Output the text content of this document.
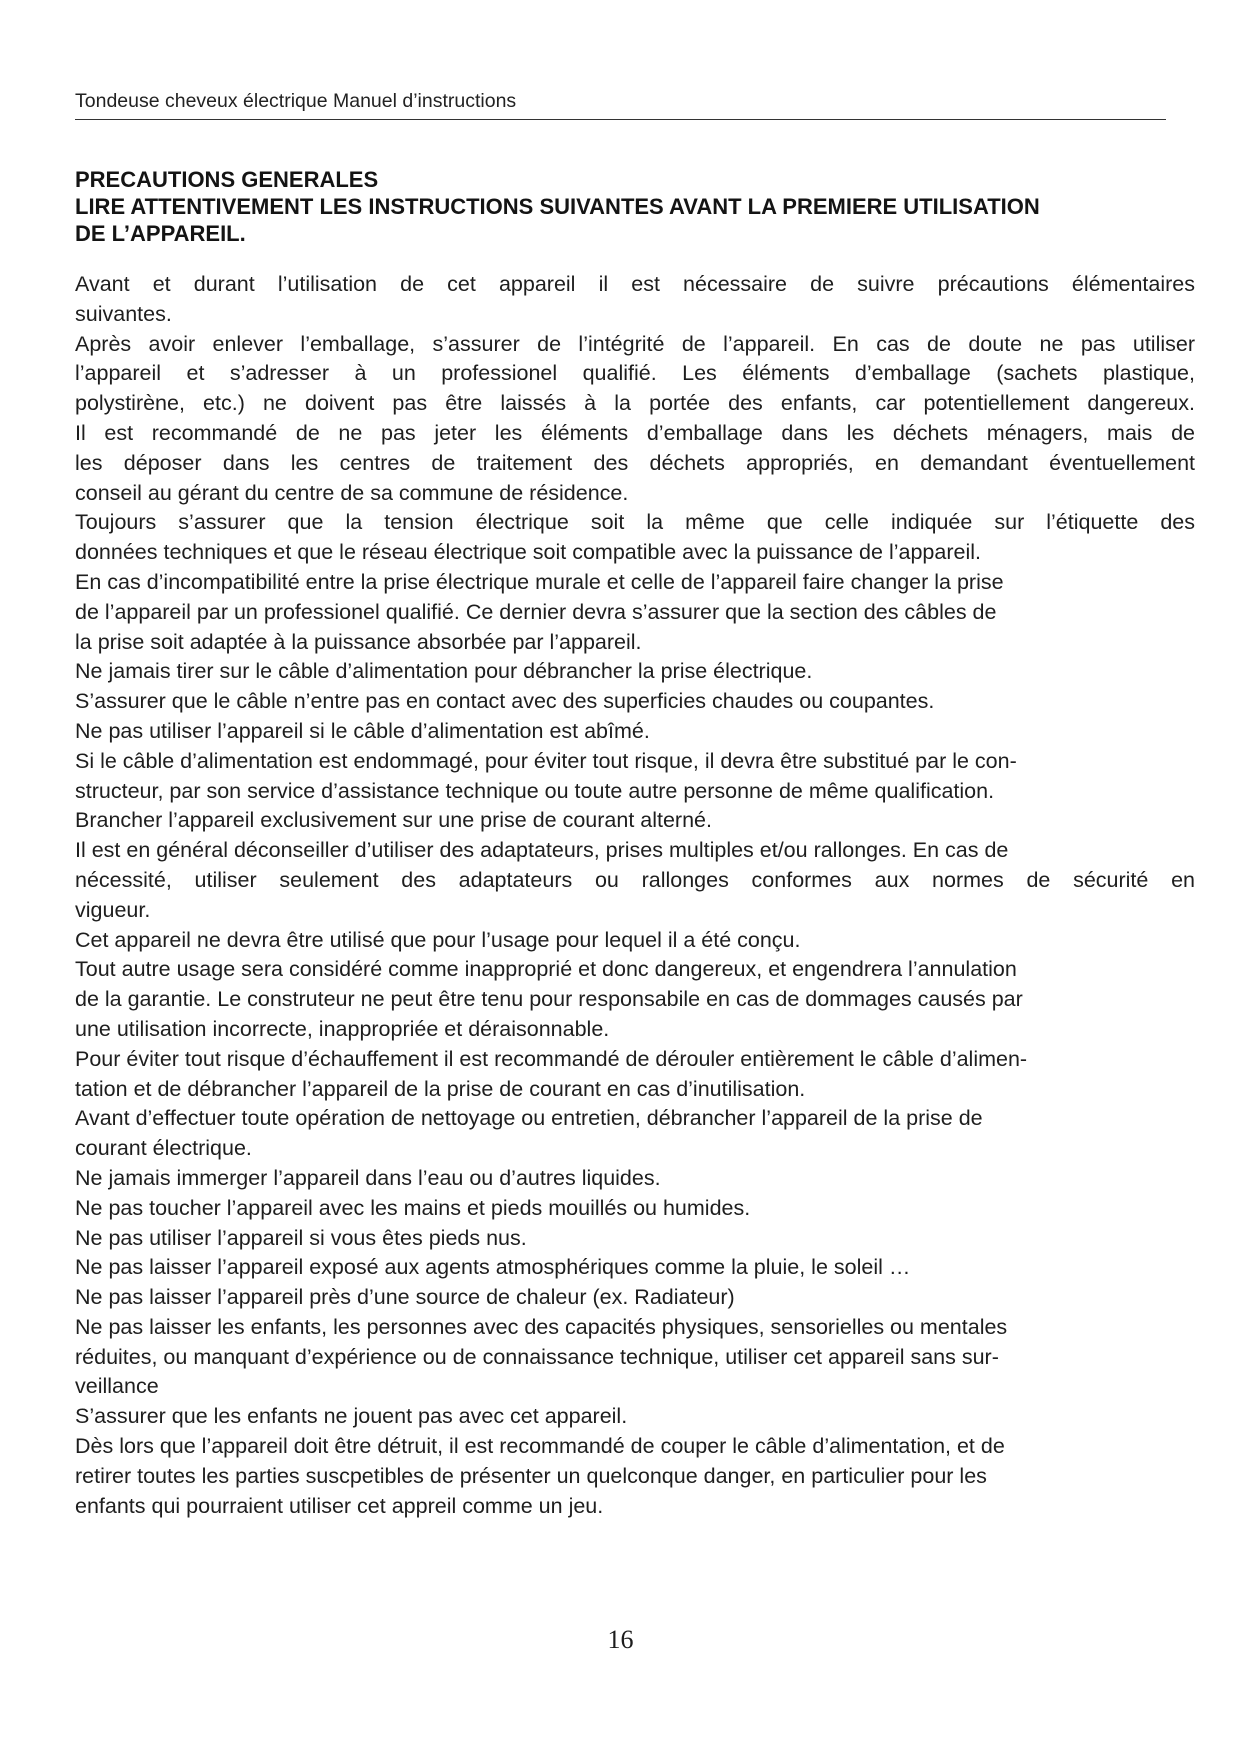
Tondeuse cheveux électrique Manuel d’instructions
PRECAUTIONS GENERALES
LIRE ATTENTIVEMENT LES INSTRUCTIONS SUIVANTES AVANT LA PREMIERE UTILISATION
DE L’APPAREIL.
Avant et durant l’utilisation de cet appareil il est nécessaire de suivre précautions élémentaires
suivantes.
Après avoir enlever l’emballage, s’assurer de l’intégrité de l’appareil. En cas de doute ne pas utiliser
l’appareil et s’adresser à un professionel qualifié. Les éléments d’emballage (sachets plastique,
polystirène, etc.) ne doivent pas être laissés à la portée des enfants, car potentiellement dangereux.
Il est recommandé de ne pas jeter les éléments d’emballage dans les déchets ménagers, mais de
les déposer dans les centres de traitement des déchets appropriés, en demandant éventuellement
conseil au gérant du centre de sa commune de résidence.
Toujours s’assurer que la tension électrique soit la même que celle indiquée sur l’étiquette des
données techniques et que le réseau électrique soit compatible avec la puissance de l’appareil.
En cas d’incompatibilité entre la prise électrique murale et celle de l’appareil faire changer la prise
de l’appareil par un professionel qualifié. Ce dernier devra s’assurer que la section des câbles de
la prise soit adaptée à la puissance absorbée par l’appareil.
Ne jamais tirer sur le câble d’alimentation pour débrancher la prise électrique.
S’assurer que le câble n’entre pas en contact avec des superficies chaudes ou coupantes.
Ne pas utiliser l’appareil si le câble d’alimentation est abîmé.
Si le câble d’alimentation est endommagé, pour éviter tout risque, il devra être substitué par le con-
structeur, par son service d’assistance technique ou toute autre personne de même qualification.
Brancher l’appareil exclusivement sur une prise de courant alterné.
Il est en général déconseiller d’utiliser des adaptateurs, prises multiples et/ou rallonges. En cas de
nécessité, utiliser seulement des adaptateurs ou rallonges conformes aux normes de sécurité en
vigueur.
Cet appareil ne devra être utilisé que pour l’usage pour lequel il a été conçu.
Tout autre usage sera considéré comme inapproprié et donc dangereux, et engendrera l’annulation
de la garantie. Le construteur ne peut être tenu pour responsabile en cas de dommages causés par
une utilisation incorrecte, inappropriée et déraisonnable.
Pour éviter tout risque d’échauffement il est recommandé de dérouler entièrement le câble d’alimen-
tation et de débrancher l’appareil de la prise de courant en cas d’inutilisation.
Avant d’effectuer toute opération de nettoyage ou entretien, débrancher l’appareil de la prise de
courant électrique.
Ne jamais immerger l’appareil dans l’eau ou d’autres liquides.
Ne pas toucher l’appareil avec les mains et pieds mouillés ou humides.
Ne pas utiliser l’appareil si vous êtes pieds nus.
Ne pas laisser l’appareil exposé aux agents atmosphériques comme la pluie, le soleil …
Ne pas laisser l’appareil près d’une source de chaleur (ex. Radiateur)
Ne pas laisser les enfants, les personnes avec des capacités physiques, sensorielles ou mentales
réduites, ou manquant d’expérience ou de connaissance technique, utiliser cet appareil sans sur-
veillance
S’assurer que les enfants ne jouent pas avec cet appareil.
Dès lors que l’appareil doit être détruit, il est recommandé de couper le câble d’alimentation, et de
retirer toutes les parties suscpetibles de présenter un quelconque danger, en particulier pour les
enfants qui pourraient utiliser cet appreil comme un jeu.
16
